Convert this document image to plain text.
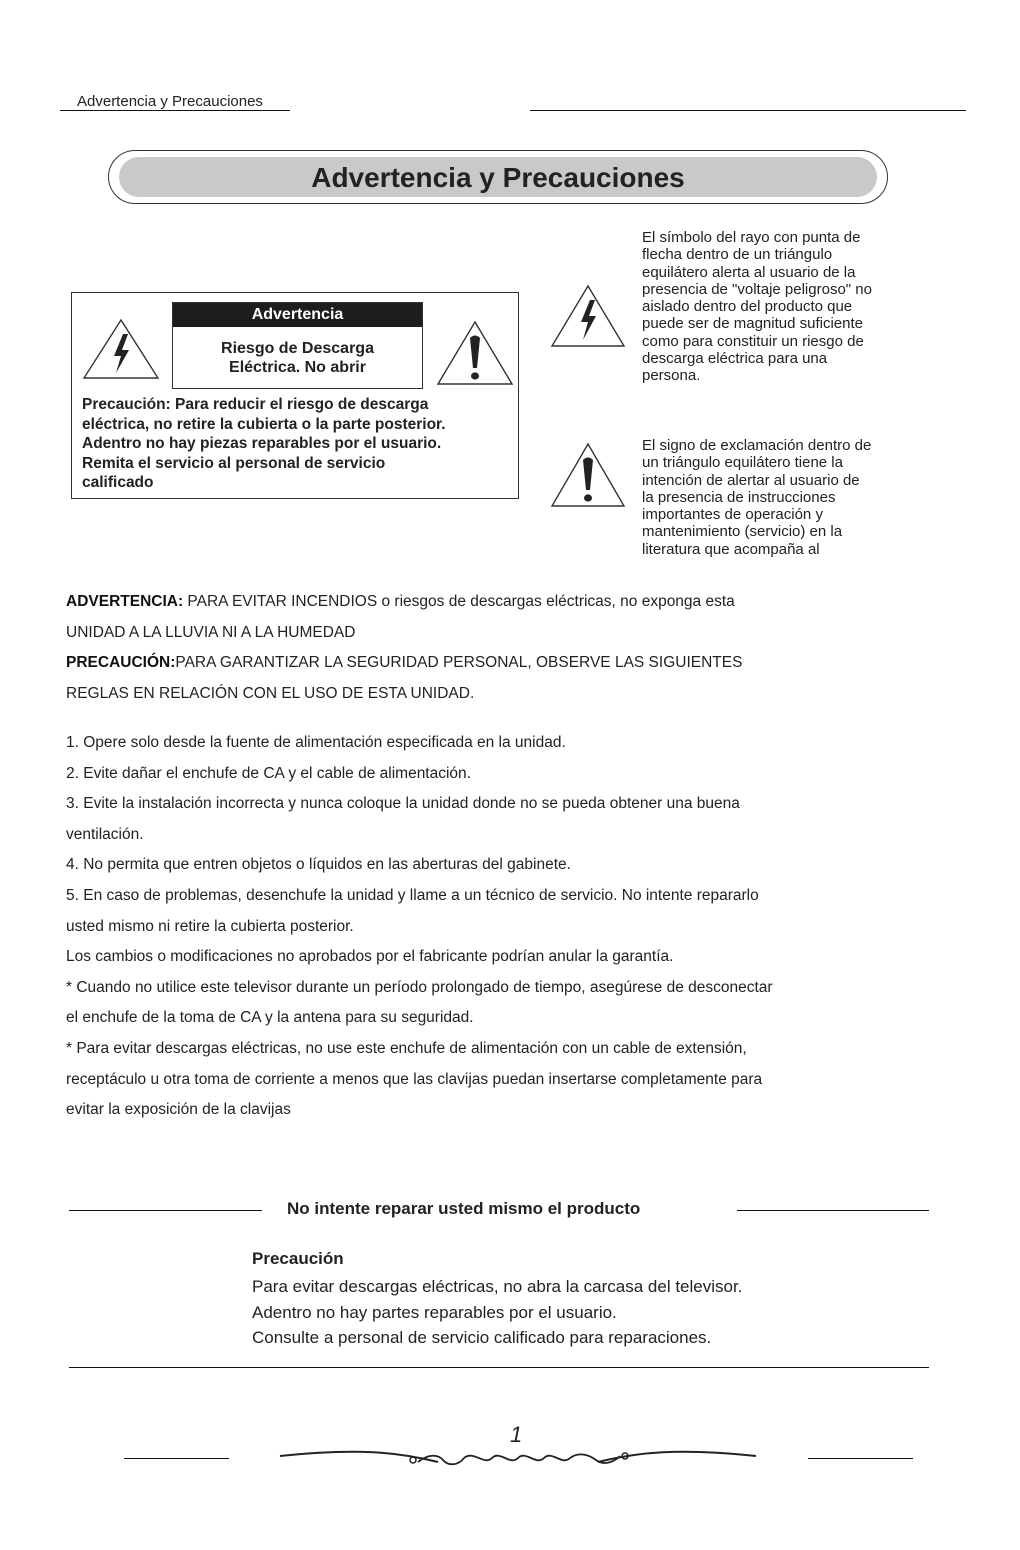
Advertencia y Precauciones
Advertencia y Precauciones
Advertencia
Riesgo de Descarga
Eléctrica. No abrir
Precaución: Para reducir el riesgo de descarga
eléctrica, no retire la cubierta o la parte posterior.
Adentro no hay piezas reparables por el usuario.
Remita el servicio al personal de servicio
calificado
El símbolo del rayo con punta de
flecha dentro de un triángulo
equilátero alerta al usuario de la
presencia de "voltaje peligroso" no
aislado dentro del producto que
puede ser de magnitud suficiente
como para constituir un riesgo de
descarga eléctrica para una
persona.
El signo de exclamación dentro de
un triángulo equilátero tiene la
intención de alertar al usuario de
la presencia de instrucciones
importantes de operación y
mantenimiento (servicio) en la
literatura que acompaña al
ADVERTENCIA: PARA EVITAR INCENDIOS o riesgos de descargas eléctricas, no exponga esta
UNIDAD A LA LLUVIA NI A LA HUMEDAD
PRECAUCIÓN:PARA GARANTIZAR LA SEGURIDAD PERSONAL, OBSERVE LAS SIGUIENTES
REGLAS EN RELACIÓN CON EL USO DE ESTA UNIDAD.
1. Opere solo desde la fuente de alimentación especificada en la unidad.
2. Evite dañar el enchufe de CA y el cable de alimentación.
3. Evite la instalación incorrecta y nunca coloque la unidad donde no se pueda obtener una buena
ventilación.
4. No permita que entren objetos o líquidos en las aberturas del gabinete.
5. En caso de problemas, desenchufe la unidad y llame a un técnico de servicio. No intente repararlo
usted mismo ni retire la cubierta posterior.
Los cambios o modificaciones no aprobados por el fabricante podrían anular la garantía.
* Cuando no utilice este televisor durante un período prolongado de tiempo, asegúrese de desconectar
el enchufe de la toma de CA y la antena para su seguridad.
* Para evitar descargas eléctricas, no use este enchufe de alimentación con un cable de extensión,
receptáculo u otra toma de corriente a menos que las clavijas puedan insertarse completamente para
evitar la exposición de la clavijas
No intente reparar usted mismo el producto
Precaución
Para evitar descargas eléctricas, no abra la carcasa del televisor.
Adentro no hay partes reparables por el usuario.
Consulte a personal de servicio calificado para reparaciones.
1
